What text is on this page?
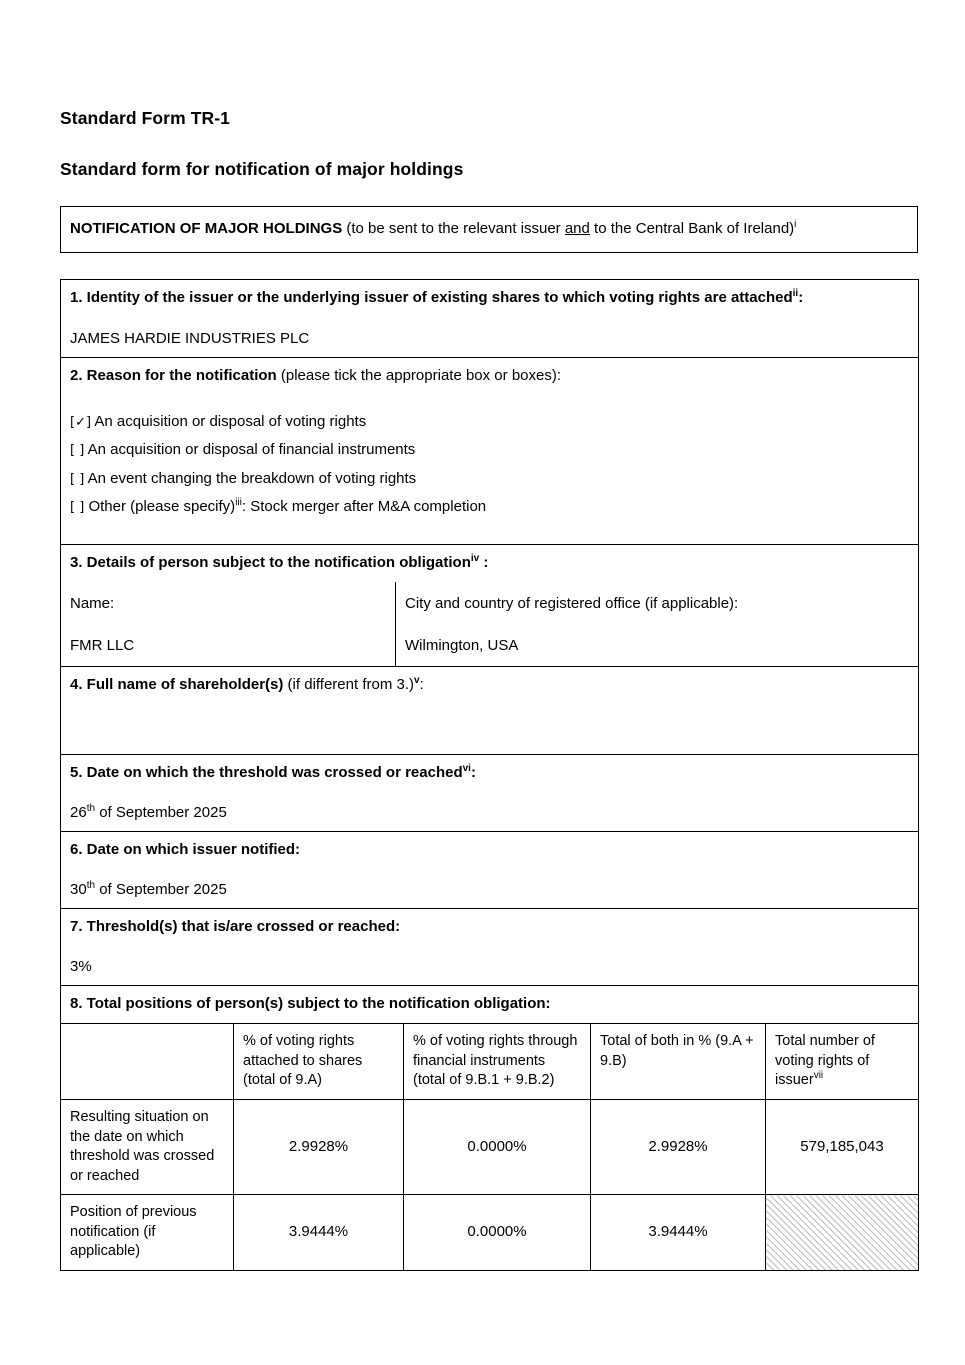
Standard Form TR-1
Standard form for notification of major holdings
NOTIFICATION OF MAJOR HOLDINGS (to be sent to the relevant issuer and to the Central Bank of Ireland)$^i$
1. Identity of the issuer or the underlying issuer of existing shares to which voting rights are attached$^{ii}$:	
JAMES HARDIE INDUSTRIES PLC	
2. Reason for the notification (please tick the appropriate box or boxes):	

[✓] An acquisition or disposal of voting rights
[ ] An acquisition or disposal of financial instruments
[ ] An event changing the breakdown of voting rights
[ ] Other (please specify)$^{iii}$: Stock merger after M&A completion	

3. Details of person subject to the notification obligation$^{iv}$ :	
Name:	City and country of registered office (if applicable):
FMR LLC	Wilmington, USA
4. Full name of shareholder(s) (if different from 3.)$^v$:	

5. Date on which the threshold was crossed or reached$^{vi}$:	
26th of September 2025	
6. Date on which issuer notified:	
30th of September 2025	
7. Threshold(s) that is/are crossed or reached:	
3%	
8. Total positions of person(s) subject to the notification obligation:	
	% of voting rights attached to shares (total of 9.A)	% of voting rights through financial instruments (total of 9.B.1 + 9.B.2)	Total of both in % (9.A + 9.B)	Total number of voting rights of issuer$^{vii}$
Resulting situation on the date on which threshold was crossed or reached	2.9928%	0.0000%	2.9928%	579,185,043
Position of previous notification (if applicable)	3.9444%	0.0000%	3.9444%	
